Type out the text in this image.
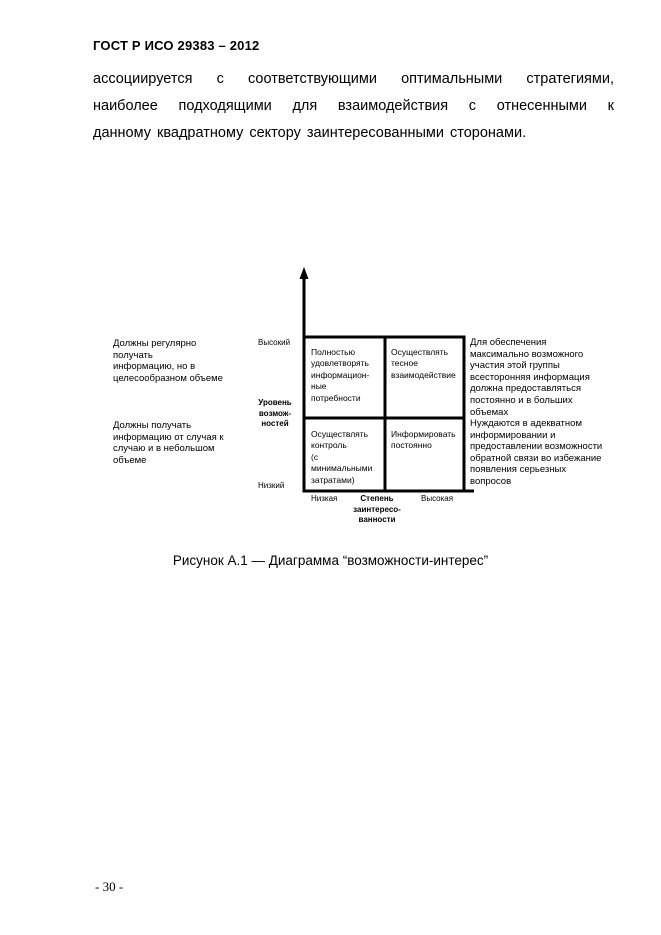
ГОСТ Р ИСО 29383 – 2012
ассоциируется с соответствующими оптимальными стратегиями,
наиболее подходящими для взаимодействия с отнесенными к
данному квадратному сектору заинтересованными сторонами.
Должны регулярно
получать
информацию, но в
целесообразном объеме
Должны получать
информацию от случая к
случаю и в небольшом
объеме
Высокий
Уровень
возмож-
ностей
Низкий
Полностью
удовлетворять
информацион-
ные
потребности
Осуществлять
тесное
взаимодействие
Осуществлять
контроль
(с
минимальными
затратами)
Информировать
постоянно
Для обеспечения
максимально возможного
участия этой группы
всесторонняя информация
должна предоставляться
постоянно и в больших
объемах
Нуждаются в адекватном
информировании и
предоставлении возможности
обратной связи во избежание
появления серьезных
вопросов
Низкая	Степень
заинтересо-
ванности
Высокая
Рисунок А.1 — Диаграмма “возможности-интерес”
- 30 -
